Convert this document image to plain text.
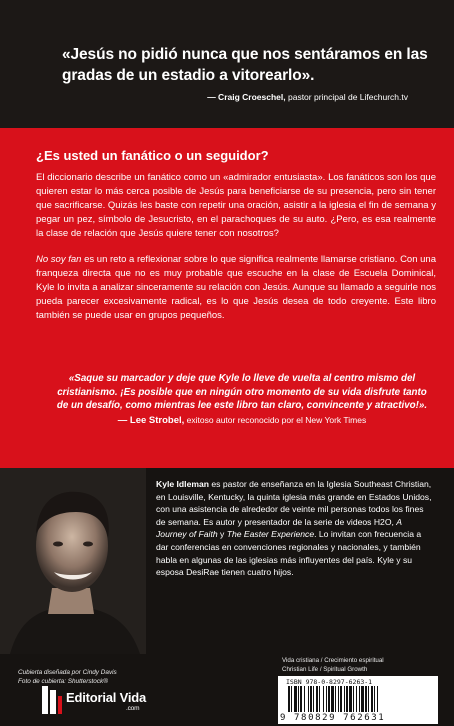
«Jesús no pidió nunca que nos sentáramos en las gradas de un estadio a vitorearlo».
— Craig Croeschel, pastor principal de Lifechurch.tv
¿Es usted un fanático o un seguidor?
El diccionario describe un fanático como un «admirador entusiasta». Los fanáticos son los que quieren estar lo más cerca posible de Jesús para beneficiarse de su presencia, pero sin tener que sacrificarse. Quizás les baste con repetir una oración, asistir a la iglesia el fin de semana y pegar un pez, símbolo de Jesucristo, en el parachoques de su auto. ¿Pero, es esa realmente la clase de relación que Jesús quiere tener con nosotros?
No soy fan es un reto a reflexionar sobre lo que significa realmente llamarse cristiano. Con una franqueza directa que no es muy probable que escuche en la clase de Escuela Dominical, Kyle lo invita a analizar sinceramente su relación con Jesús. Aunque su llamado a seguirle nos pueda parecer excesivamente radical, es lo que Jesús desea de todo creyente. Este libro también se puede usar en grupos pequeños.
«Saque su marcador y deje que Kyle lo lleve de vuelta al centro mismo del cristianismo. ¡Es posible que en ningún otro momento de su vida disfrute tanto de un desafío, como mientras lee este libro tan claro, convincente y atractivo!».
— Lee Strobel, exitoso autor reconocido por el New York Times
Kyle Idleman es pastor de enseñanza en la Iglesia Southeast Christian, en Louisville, Kentucky, la quinta iglesia más grande en Estados Unidos, con una asistencia de alrededor de veinte mil personas todos los fines de semana. Es autor y presentador de la serie de videos H2O, A Journey of Faith y The Easter Experience. Lo invitan con frecuencia a dar conferencias en convenciones regionales y nacionales, y también habla en algunas de las iglesias más influyentes del país. Kyle y su esposa DesiRae tienen cuatro hijos.
Vida cristiana / Crecimiento espiritual
Christian Life / Spiritual Growth
ISBN 978-0-8297-6263-1
9 780829 762631
Cubierta diseñada por Cindy Davis
Foto de cubierta: Shutterstock®
Editorial Vida
.com
